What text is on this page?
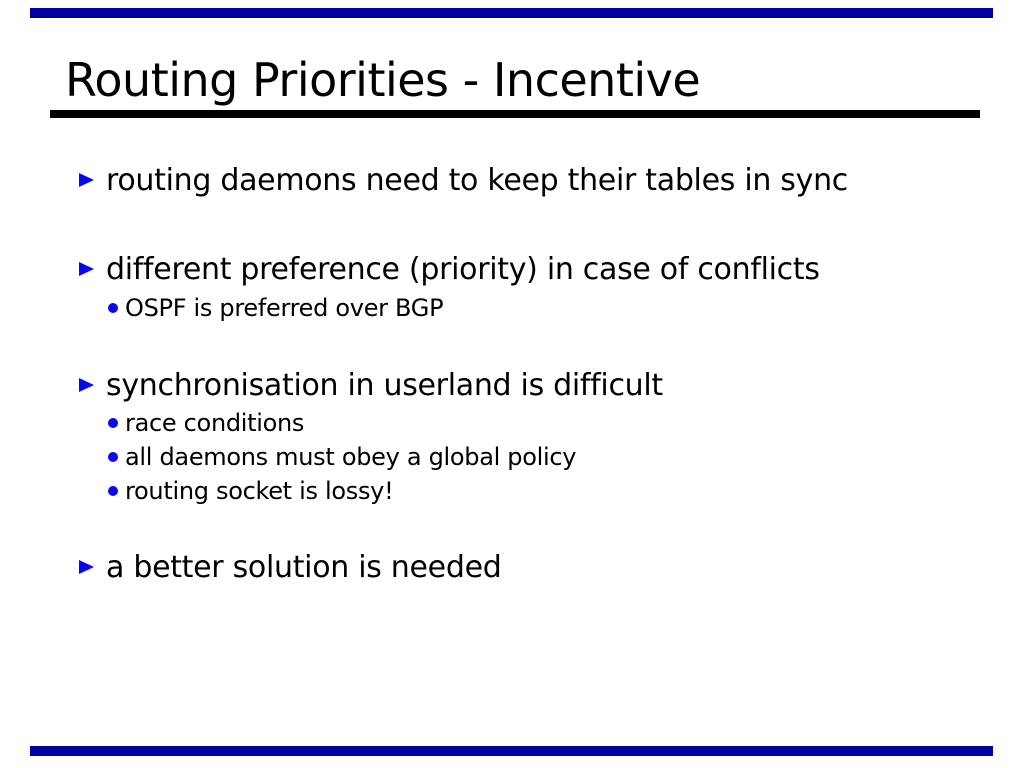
Routing Priorities - Incentive
routing daemons need to keep their tables in sync
different preference (priority) in case of conflicts
OSPF is preferred over BGP
synchronisation in userland is difficult
race conditions
all daemons must obey a global policy
routing socket is lossy!
a better solution is needed
